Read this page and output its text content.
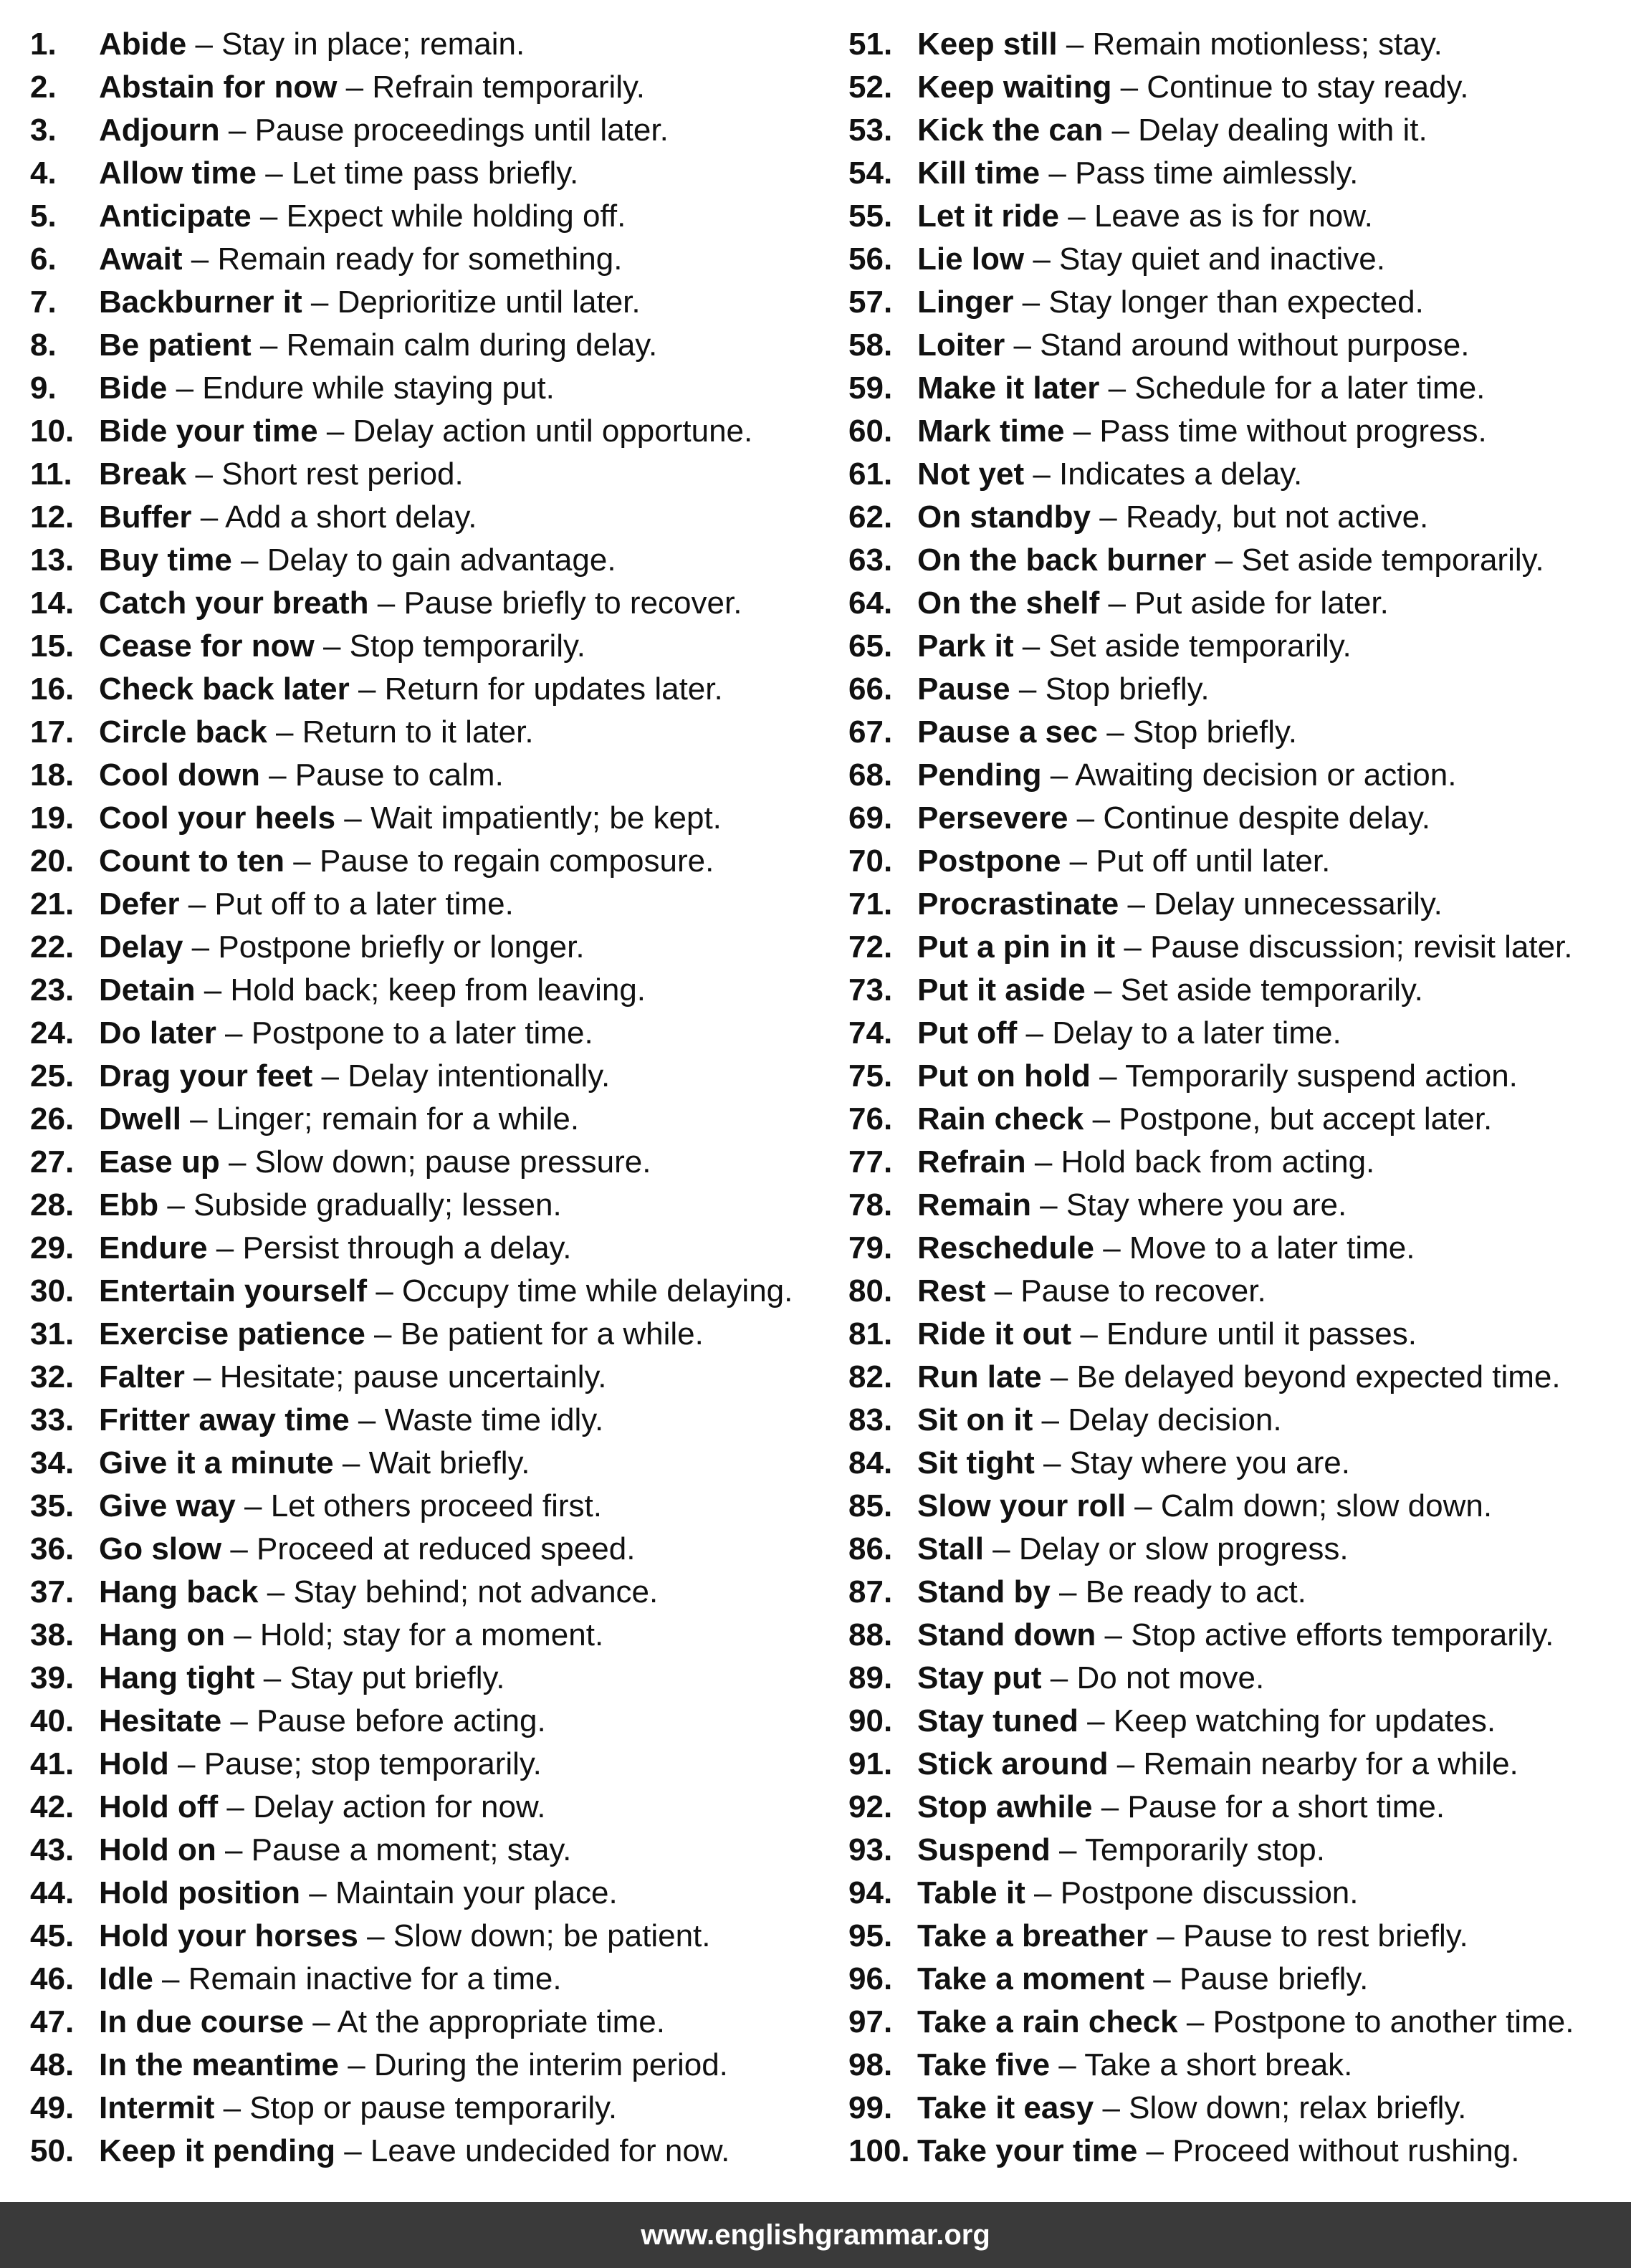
1. Abide – Stay in place; remain.
2. Abstain for now – Refrain temporarily.
3. Adjourn – Pause proceedings until later.
4. Allow time – Let time pass briefly.
5. Anticipate – Expect while holding off.
6. Await – Remain ready for something.
7. Backburner it – Deprioritize until later.
8. Be patient – Remain calm during delay.
9. Bide – Endure while staying put.
10. Bide your time – Delay action until opportune.
11. Break – Short rest period.
12. Buffer – Add a short delay.
13. Buy time – Delay to gain advantage.
14. Catch your breath – Pause briefly to recover.
15. Cease for now – Stop temporarily.
16. Check back later – Return for updates later.
17. Circle back – Return to it later.
18. Cool down – Pause to calm.
19. Cool your heels – Wait impatiently; be kept.
20. Count to ten – Pause to regain composure.
21. Defer – Put off to a later time.
22. Delay – Postpone briefly or longer.
23. Detain – Hold back; keep from leaving.
24. Do later – Postpone to a later time.
25. Drag your feet – Delay intentionally.
26. Dwell – Linger; remain for a while.
27. Ease up – Slow down; pause pressure.
28. Ebb – Subside gradually; lessen.
29. Endure – Persist through a delay.
30. Entertain yourself – Occupy time while delaying.
31. Exercise patience – Be patient for a while.
32. Falter – Hesitate; pause uncertainly.
33. Fritter away time – Waste time idly.
34. Give it a minute – Wait briefly.
35. Give way – Let others proceed first.
36. Go slow – Proceed at reduced speed.
37. Hang back – Stay behind; not advance.
38. Hang on – Hold; stay for a moment.
39. Hang tight – Stay put briefly.
40. Hesitate – Pause before acting.
41. Hold – Pause; stop temporarily.
42. Hold off – Delay action for now.
43. Hold on – Pause a moment; stay.
44. Hold position – Maintain your place.
45. Hold your horses – Slow down; be patient.
46. Idle – Remain inactive for a time.
47. In due course – At the appropriate time.
48. In the meantime – During the interim period.
49. Intermit – Stop or pause temporarily.
50. Keep it pending – Leave undecided for now.
51. Keep still – Remain motionless; stay.
52. Keep waiting – Continue to stay ready.
53. Kick the can – Delay dealing with it.
54. Kill time – Pass time aimlessly.
55. Let it ride – Leave as is for now.
56. Lie low – Stay quiet and inactive.
57. Linger – Stay longer than expected.
58. Loiter – Stand around without purpose.
59. Make it later – Schedule for a later time.
60. Mark time – Pass time without progress.
61. Not yet – Indicates a delay.
62. On standby – Ready, but not active.
63. On the back burner – Set aside temporarily.
64. On the shelf – Put aside for later.
65. Park it – Set aside temporarily.
66. Pause – Stop briefly.
67. Pause a sec – Stop briefly.
68. Pending – Awaiting decision or action.
69. Persevere – Continue despite delay.
70. Postpone – Put off until later.
71. Procrastinate – Delay unnecessarily.
72. Put a pin in it – Pause discussion; revisit later.
73. Put it aside – Set aside temporarily.
74. Put off – Delay to a later time.
75. Put on hold – Temporarily suspend action.
76. Rain check – Postpone, but accept later.
77. Refrain – Hold back from acting.
78. Remain – Stay where you are.
79. Reschedule – Move to a later time.
80. Rest – Pause to recover.
81. Ride it out – Endure until it passes.
82. Run late – Be delayed beyond expected time.
83. Sit on it – Delay decision.
84. Sit tight – Stay where you are.
85. Slow your roll – Calm down; slow down.
86. Stall – Delay or slow progress.
87. Stand by – Be ready to act.
88. Stand down – Stop active efforts temporarily.
89. Stay put – Do not move.
90. Stay tuned – Keep watching for updates.
91. Stick around – Remain nearby for a while.
92. Stop awhile – Pause for a short time.
93. Suspend – Temporarily stop.
94. Table it – Postpone discussion.
95. Take a breather – Pause to rest briefly.
96. Take a moment – Pause briefly.
97. Take a rain check – Postpone to another time.
98. Take five – Take a short break.
99. Take it easy – Slow down; relax briefly.
100. Take your time – Proceed without rushing.
www.englishgrammar.org
